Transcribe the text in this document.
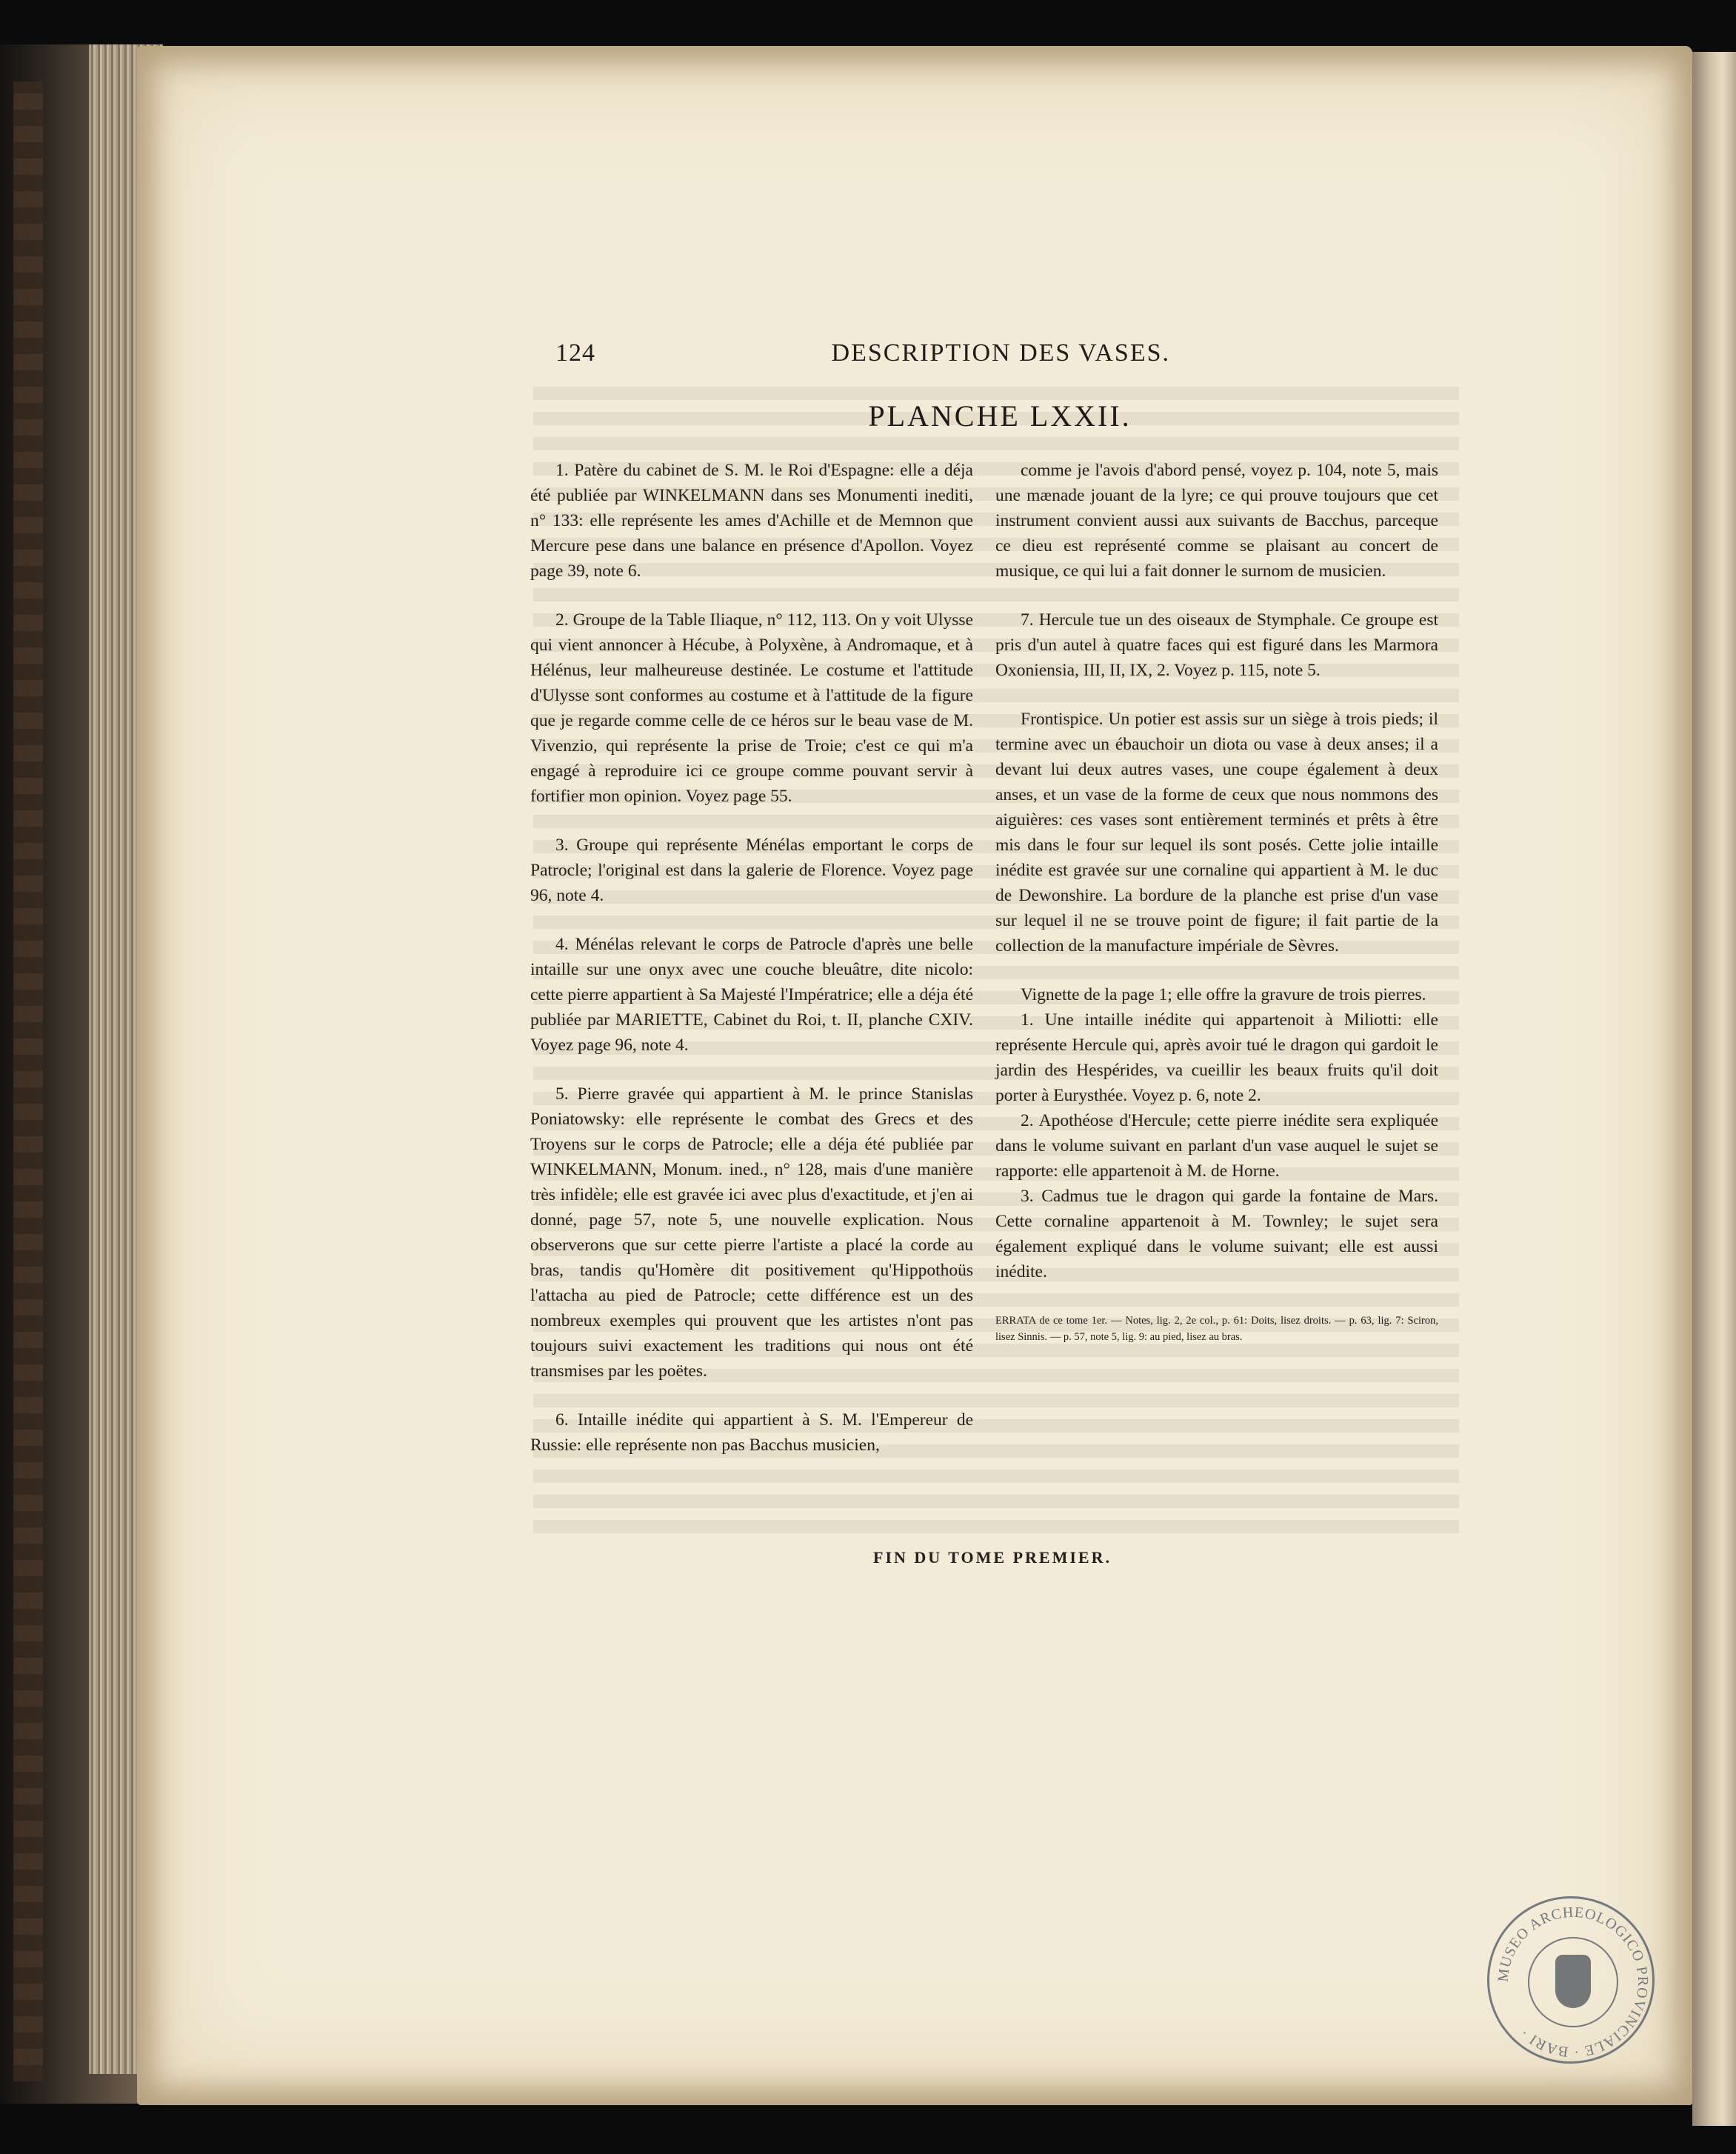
124	DESCRIPTION DES VASES.
PLANCHE LXXII.

1. Patère du cabinet de S. M. le Roi d'Espagne: elle a déja été publiée par WINKELMANN dans ses Monumenti inediti, n° 133: elle représente les ames d'Achille et de Memnon que Mercure pese dans une balance en présence d'Apollon. Voyez page 39, note 6.

2. Groupe de la Table Iliaque, n° 112, 113. On y voit Ulysse qui vient annoncer à Hécube, à Polyxène, à Andromaque, et à Hélénus, leur malheureuse destinée. Le costume et l'attitude d'Ulysse sont conformes au costume et à l'attitude de la figure que je regarde comme celle de ce héros sur le beau vase de M. Vivenzio, qui représente la prise de Troie; c'est ce qui m'a engagé à reproduire ici ce groupe comme pouvant servir à fortifier mon opinion. Voyez page 55.

3. Groupe qui représente Ménélas emportant le corps de Patrocle; l'original est dans la galerie de Florence. Voyez page 96, note 4.

4. Ménélas relevant le corps de Patrocle d'après une belle intaille sur une onyx avec une couche bleuâtre, dite nicolo: cette pierre appartient à Sa Majesté l'Impératrice; elle a déja été publiée par MARIETTE, Cabinet du Roi, t. II, planche CXIV. Voyez page 96, note 4.

5. Pierre gravée qui appartient à M. le prince Stanislas Poniatowsky: elle représente le combat des Grecs et des Troyens sur le corps de Patrocle; elle a déja été publiée par WINKELMANN, Monum. ined., n° 128, mais d'une manière très infidèle; elle est gravée ici avec plus d'exactitude, et j'en ai donné, page 57, note 5, une nouvelle explication. Nous observerons que sur cette pierre l'artiste a placé la corde au bras, tandis qu'Homère dit positivement qu'Hippothoüs l'attacha au pied de Patrocle; cette différence est un des nombreux exemples qui prouvent que les artistes n'ont pas toujours suivi exactement les traditions qui nous ont été transmises par les poëtes.

6. Intaille inédite qui appartient à S. M. l'Empereur de Russie: elle représente non pas Bacchus musicien,

comme je l'avois d'abord pensé, voyez p. 104, note 5, mais une mænade jouant de la lyre; ce qui prouve toujours que cet instrument convient aussi aux suivants de Bacchus, parceque ce dieu est représenté comme se plaisant au concert de musique, ce qui lui a fait donner le surnom de musicien.

7. Hercule tue un des oiseaux de Stymphale. Ce groupe est pris d'un autel à quatre faces qui est figuré dans les Marmora Oxoniensia, III, II, IX, 2. Voyez p. 115, note 5.

Frontispice. Un potier est assis sur un siège à trois pieds; il termine avec un ébauchoir un diota ou vase à deux anses; il a devant lui deux autres vases, une coupe également à deux anses, et un vase de la forme de ceux que nous nommons des aiguières: ces vases sont entièrement terminés et prêts à être mis dans le four sur lequel ils sont posés. Cette jolie intaille inédite est gravée sur une cornaline qui appartient à M. le duc de Dewonshire. La bordure de la planche est prise d'un vase sur lequel il ne se trouve point de figure; il fait partie de la collection de la manufacture impériale de Sèvres.

Vignette de la page 1; elle offre la gravure de trois pierres.

1. Une intaille inédite qui appartenoit à Miliotti: elle représente Hercule qui, après avoir tué le dragon qui gardoit le jardin des Hespérides, va cueillir les beaux fruits qu'il doit porter à Eurysthée. Voyez p. 6, note 2.

2. Apothéose d'Hercule; cette pierre inédite sera expliquée dans le volume suivant en parlant d'un vase auquel le sujet se rapporte: elle appartenoit à M. de Horne.

3. Cadmus tue le dragon qui garde la fontaine de Mars. Cette cornaline appartenoit à M. Townley; le sujet sera également expliqué dans le volume suivant; elle est aussi inédite.

ERRATA de ce tome 1er. — Notes, lig. 2, 2e col., p. 61: Doits, lisez droits. — p. 63, lig. 7: Sciron, lisez Sinnis. — p. 57, note 5, lig. 9: au pied, lisez au bras.

FIN DU TOME PREMIER.
MUSEO ARCHEOLOGICO PROVINCIALE · BARI ·
